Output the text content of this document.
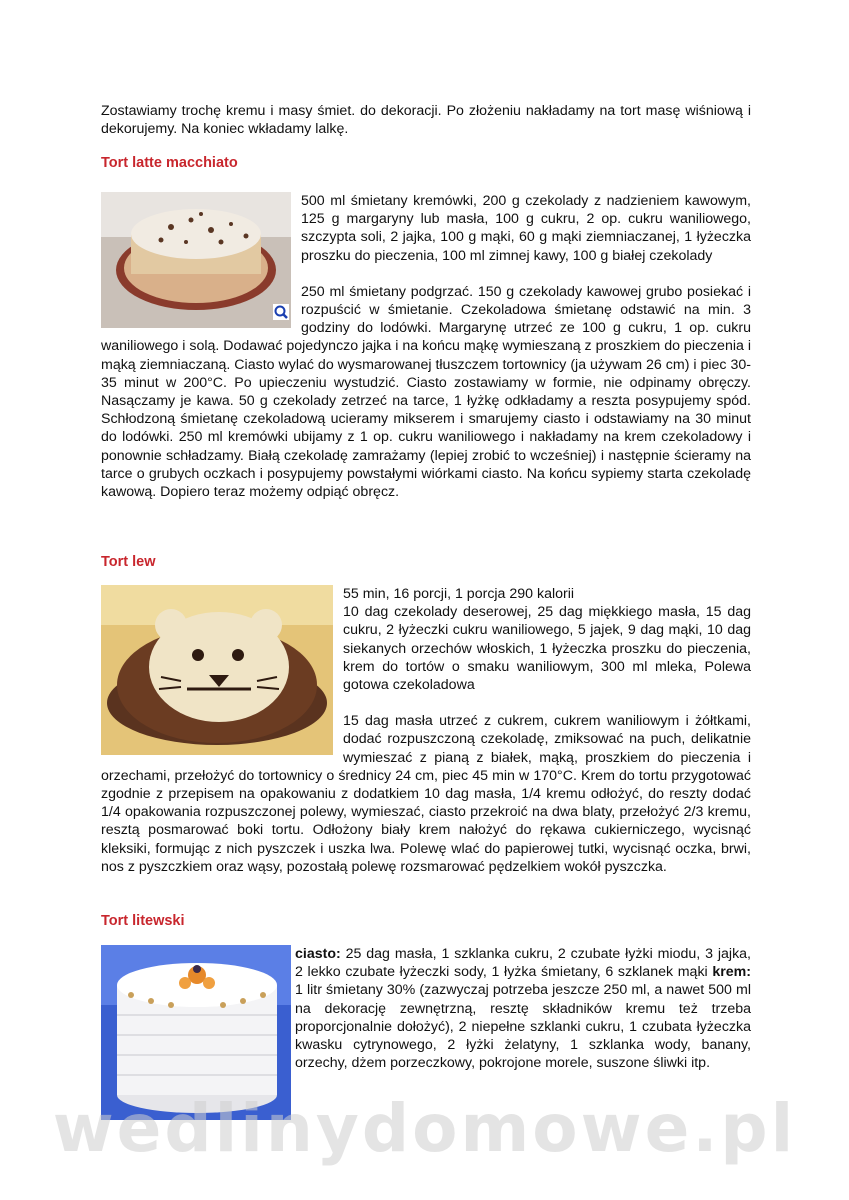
Zostawiamy trochę kremu i masy śmiet. do dekoracji. Po złożeniu nakładamy na tort masę wiśniową i dekorujemy. Na koniec wkładamy lalkę.

Tort latte macchiato

500 ml śmietany kremówki, 200 g czekolady z nadzieniem kawowym, 125 g margaryny lub masła, 100 g cukru, 2 op. cukru waniliowego, szczypta soli, 2 jajka, 100 g mąki, 60 g mąki ziemniaczanej, 1 łyżeczka proszku do pieczenia, 100 ml zimnej kawy, 100 g białej czekolady

250 ml śmietany podgrzać. 150 g czekolady kawowej grubo posiekać i rozpuścić w śmietanie. Czekoladowa śmietanę odstawić na min. 3 godziny do lodówki. Margarynę utrzeć ze 100 g cukru, 1 op. cukru waniliowego i solą. Dodawać pojedynczo jajka i na końcu mąkę wymieszaną z proszkiem do pieczenia i mąką ziemniaczaną. Ciasto wylać do wysmarowanej tłuszczem tortownicy (ja używam 26 cm) i piec 30-35 minut w 200°C. Po upieczeniu wystudzić. Ciasto zostawiamy w formie, nie odpinamy obręczy. Nasączamy je kawa. 50 g czekolady zetrzeć na tarce, 1 łyżkę odkładamy a reszta posypujemy spód. Schłodzoną śmietanę czekoladową ucieramy mikserem i smarujemy ciasto i odstawiamy na 30 minut do lodówki. 250 ml kremówki ubijamy z 1 op. cukru waniliowego i nakładamy na krem czekoladowy i ponownie schładzamy. Białą czekoladę zamrażamy (lepiej zrobić to wcześniej) i następnie ścieramy na tarce o grubych oczkach i posypujemy powstałymi wiórkami ciasto. Na końcu sypiemy starta czekoladę kawową. Dopiero teraz możemy odpiąć obręcz.

Tort lew

55 min, 16 porcji, 1 porcja 290 kalorii

10 dag czekolady deserowej, 25 dag miękkiego masła, 15 dag cukru, 2 łyżeczki cukru waniliowego, 5 jajek, 9 dag mąki, 10 dag siekanych orzechów włoskich, 1 łyżeczka proszku do pieczenia, krem do tortów o smaku waniliowym, 300 ml mleka, Polewa gotowa czekoladowa

15 dag masła utrzeć z cukrem, cukrem waniliowym i żółtkami, dodać rozpuszczoną czekoladę, zmiksować na puch, delikatnie wymieszać z pianą z białek, mąką, proszkiem do pieczenia i orzechami, przełożyć do tortownicy o średnicy 24 cm, piec 45 min w 170°C. Krem do tortu przygotować zgodnie z przepisem na opakowaniu z dodatkiem 10 dag masła, 1/4 kremu odłożyć, do reszty dodać 1/4 opakowania rozpuszczonej polewy, wymieszać, ciasto przekroić na dwa blaty, przełożyć 2/3 kremu, resztą posmarować boki tortu. Odłożony biały krem nałożyć do rękawa cukierniczego, wycisnąć kleksiki, formując z nich pyszczek i uszka lwa. Polewę wlać do papierowej tutki, wycisnąć oczka, brwi, nos z pyszczkiem oraz wąsy, pozostałą polewę rozsmarować pędzelkiem wokół pyszczka.

Tort litewski

ciasto: 25 dag masła, 1 szklanka cukru, 2 czubate łyżki miodu, 3 jajka, 2 lekko czubate łyżeczki sody, 1 łyżka śmietany, 6 szklanek mąki krem: 1 litr śmietany 30% (zazwyczaj potrzeba jeszcze 250 ml, a nawet 500 ml na dekorację zewnętrzną, resztę składników kremu też trzeba proporcjonalnie dołożyć), 2 niepełne szklanki cukru, 1 czubata łyżeczka kwasku cytrynowego, 2 łyżki żelatyny, 1 szklanka wody, banany, orzechy, dżem porzeczkowy, pokrojone morele, suszone śliwki itp.

wedlinydomowe.pl
